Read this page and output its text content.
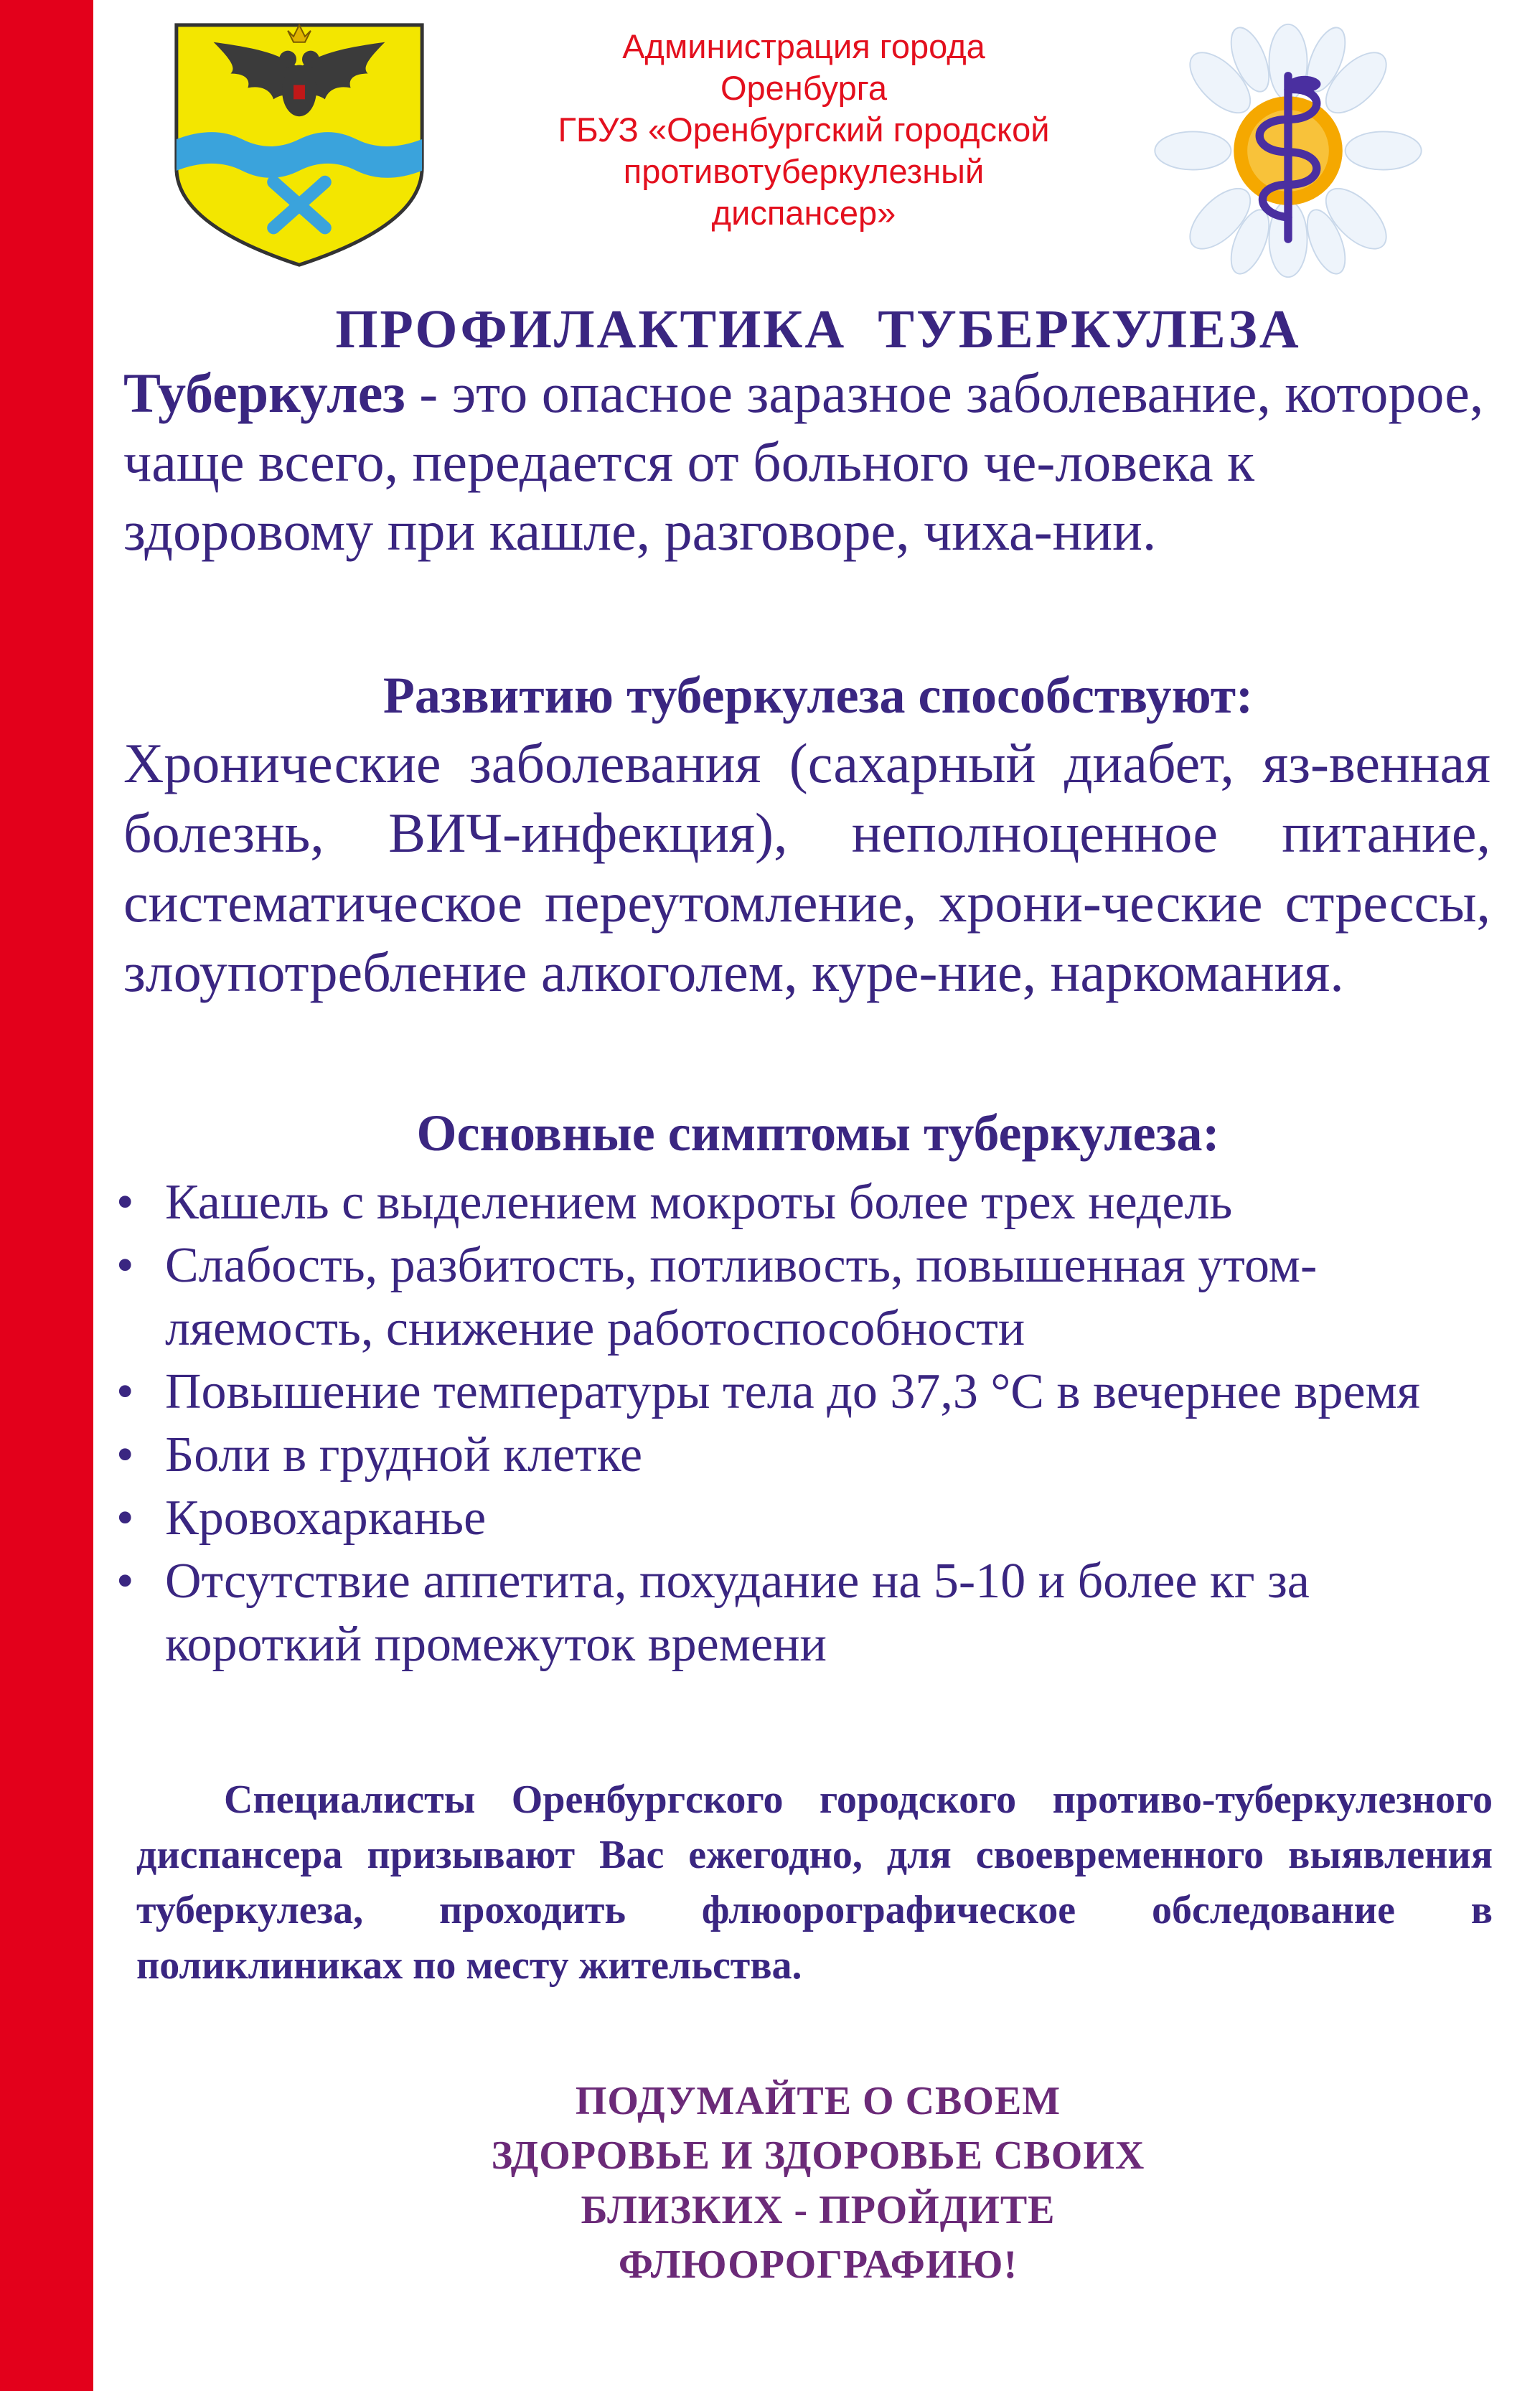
Администрация города
Оренбурга
ГБУЗ «Оренбургский городской
противотуберкулезный
диспансер»
ПРОФИЛАКТИКА ТУБЕРКУЛЕЗА
Туберкулез - это опасное заразное заболевание, которое, чаще всего, передается от больного че-ловека к здоровому при кашле, разговоре, чиха-нии.
Развитию туберкулеза способствуют:
Хронические заболевания (сахарный диабет, яз-венная болезнь, ВИЧ-инфекция), неполноценное питание, систематическое переутомление, хрони-ческие стрессы, злоупотребление алкоголем, куре-ние, наркомания.
Основные симптомы туберкулеза:
• Кашель с выделением мокроты более трех недель
• Слабость, разбитость, потливость, повышенная утом-ляемость, снижение работоспособности
• Повышение температуры тела до 37,3 °С в вечернее время
• Боли в грудной клетке
• Кровохарканье
• Отсутствие аппетита, похудание на 5-10 и более кг за короткий промежуток времени
Специалисты Оренбургского городского противо-туберкулезного диспансера призывают Вас ежегодно, для своевременного выявления туберкулеза, проходить флюорографическое обследование в поликлиниках по месту жительства.
ПОДУМАЙТЕ О СВОЕМ
ЗДОРОВЬЕ И ЗДОРОВЬЕ СВОИХ
БЛИЗКИХ - ПРОЙДИТЕ
ФЛЮОРОГРАФИЮ!
